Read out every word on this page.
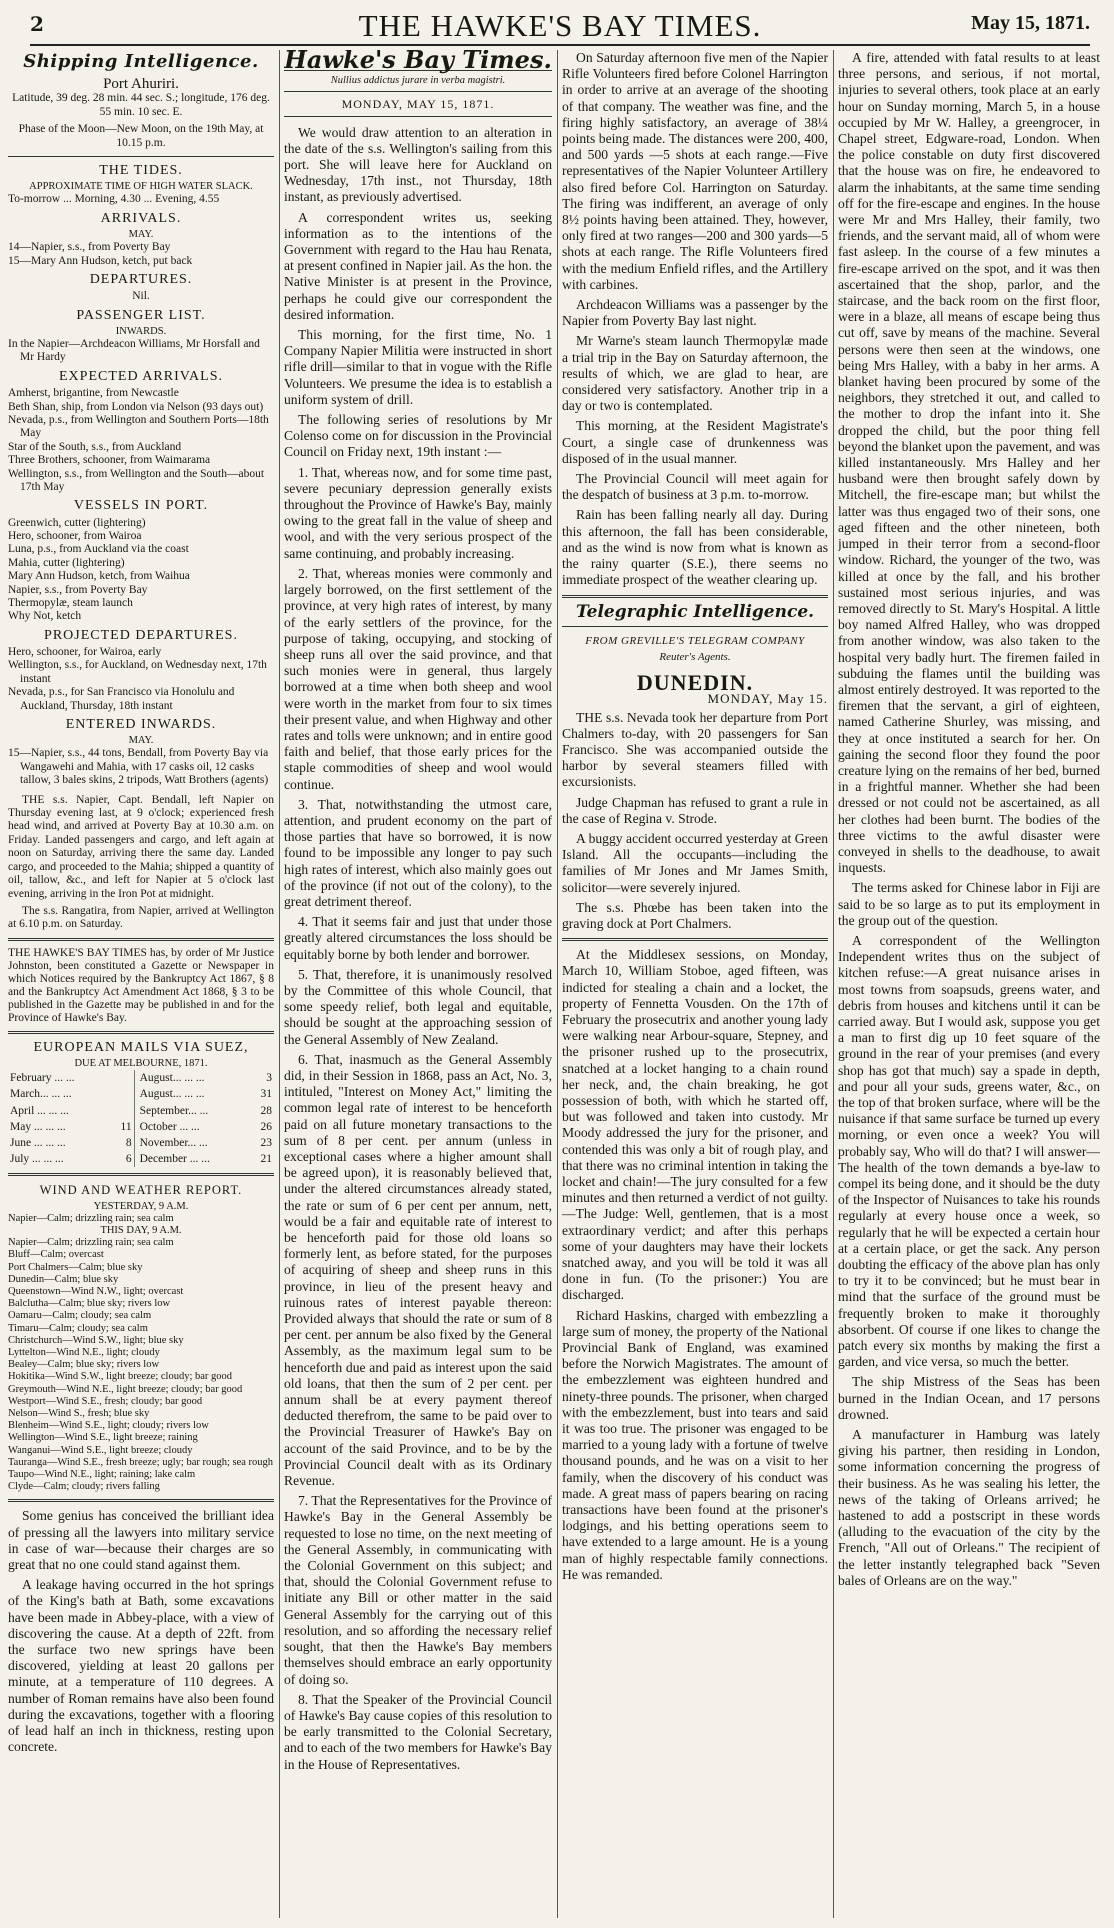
2	THE HAWKE'S BAY TIMES.	May 15, 1871.
Shipping Intelligence.
Port Ahuriri.

Latitude, 39 deg. 28 min. 44 sec. S.; longitude, 176 deg. 55 min. 10 sec. E.

Phase of the Moon—New Moon, on the 19th May, at 10.15 p.m.

THE TIDES.
APPROXIMATE TIME OF HIGH WATER SLACK.
To-morrow ... Morning, 4.30 ... Evening, 4.55
ARRIVALS.
MAY.
14—Napier, s.s., from Poverty Bay
15—Mary Ann Hudson, ketch, put back
DEPARTURES.
Nil.
PASSENGER LIST.
INWARDS.
In the Napier—Archdeacon Williams, Mr Horsfall and Mr Hardy
EXPECTED ARRIVALS.
Amherst, brigantine, from Newcastle
Beth Shan, ship, from London via Nelson (93 days out)
Nevada, p.s., from Wellington and Southern Ports—18th May
Star of the South, s.s., from Auckland
Three Brothers, schooner, from Waimarama
Wellington, s.s., from Wellington and the South—about 17th May
VESSELS IN PORT.
Greenwich, cutter (lightering)
Hero, schooner, from Wairoa
Luna, p.s., from Auckland via the coast
Mahia, cutter (lightering)
Mary Ann Hudson, ketch, from Waihua
Napier, s.s., from Poverty Bay
Thermopylæ, steam launch
Why Not, ketch
PROJECTED DEPARTURES.
Hero, schooner, for Wairoa, early
Wellington, s.s., for Auckland, on Wednesday next, 17th instant
Nevada, p.s., for San Francisco via Honolulu and Auckland, Thursday, 18th instant
ENTERED INWARDS.
MAY.
15—Napier, s.s., 44 tons, Bendall, from Poverty Bay via Wangawehi and Mahia, with 17 casks oil, 12 casks tallow, 3 bales skins, 2 tripods, Watt Brothers (agents)

THE s.s. Napier, Capt. Bendall, left Napier on Thursday evening last, at 9 o'clock; experienced fresh head wind, and arrived at Poverty Bay at 10.30 a.m. on Friday. Landed passengers and cargo, and left again at noon on Saturday, arriving there the same day. Landed cargo, and proceeded to the Mahia; shipped a quantity of oil, tallow, &c., and left for Napier at 5 o'clock last evening, arriving in the Iron Pot at midnight.

The s.s. Rangatira, from Napier, arrived at Wellington at 6.10 p.m. on Saturday.

THE HAWKE'S BAY TIMES has, by order of Mr Justice Johnston, been constituted a Gazette or Newspaper in which Notices required by the Bankruptcy Act 1867, § 8 and the Bankruptcy Act Amendment Act 1868, § 3 to be published in the Gazette may be published in and for the Province of Hawke's Bay.
EUROPEAN MAILS VIA SUEZ,
DUE AT MELBOURNE, 1871.
February ... ...		August... ... ...	3
March... ... ...		August... ... ...	31
April ... ... ...		September... ...	28
May ... ... ...	11	October ... ...	26
June ... ... ...	8	November... ...	23
July ... ... ...	6	December ... ...	21
WIND AND WEATHER REPORT.
YESTERDAY, 9 A.M.
Napier—Calm; drizzling rain; sea calm
THIS DAY, 9 A.M.
Napier—Calm; drizzling rain; sea calm
Bluff—Calm; overcast
Port Chalmers—Calm; blue sky
Dunedin—Calm; blue sky
Queenstown—Wind N.W., light; overcast
Balclutha—Calm; blue sky; rivers low
Oamaru—Calm; cloudy; sea calm
Timaru—Calm; cloudy; sea calm
Christchurch—Wind S.W., light; blue sky
Lyttelton—Wind N.E., light; cloudy
Bealey—Calm; blue sky; rivers low
Hokitika—Wind S.W., light breeze; cloudy; bar good
Greymouth—Wind N.E., light breeze; cloudy; bar good
Westport—Wind S.E., fresh; cloudy; bar good
Nelson—Wind S., fresh; blue sky
Blenheim—Wind S.E., light; cloudy; rivers low
Wellington—Wind S.E., light breeze; raining
Wanganui—Wind S.E., light breeze; cloudy
Tauranga—Wind S.E., fresh breeze; ugly; bar rough; sea rough
Taupo—Wind N.E., light; raining; lake calm
Clyde—Calm; cloudy; rivers falling

Some genius has conceived the brilliant idea of pressing all the lawyers into military service in case of war—because their charges are so great that no one could stand against them.

A leakage having occurred in the hot springs of the King's bath at Bath, some excavations have been made in Abbey-place, with a view of discovering the cause. At a depth of 22ft. from the surface two new springs have been discovered, yielding at least 20 gallons per minute, at a temperature of 110 degrees. A number of Roman remains have also been found during the excavations, together with a flooring of lead half an inch in thickness, resting upon concrete.

Hawke's Bay Times.
Nullius addictus jurare in verba magistri.
MONDAY, MAY 15, 1871.

We would draw attention to an alteration in the date of the s.s. Wellington's sailing from this port. She will leave here for Auckland on Wednesday, 17th inst., not Thursday, 18th instant, as previously advertised.

A correspondent writes us, seeking information as to the intentions of the Government with regard to the Hau hau Renata, at present confined in Napier jail. As the hon. the Native Minister is at present in the Province, perhaps he could give our correspondent the desired information.

This morning, for the first time, No. 1 Company Napier Militia were instructed in short rifle drill—similar to that in vogue with the Rifle Volunteers. We presume the idea is to establish a uniform system of drill.

The following series of resolutions by Mr Colenso come on for discussion in the Provincial Council on Friday next, 19th instant :—

1. That, whereas now, and for some time past, severe pecuniary depression generally exists throughout the Province of Hawke's Bay, mainly owing to the great fall in the value of sheep and wool, and with the very serious prospect of the same continuing, and probably increasing.

2. That, whereas monies were commonly and largely borrowed, on the first settlement of the province, at very high rates of interest, by many of the early settlers of the province, for the purpose of taking, occupying, and stocking of sheep runs all over the said province, and that such monies were in general, thus largely borrowed at a time when both sheep and wool were worth in the market from four to six times their present value, and when Highway and other rates and tolls were unknown; and in entire good faith and belief, that those early prices for the staple commodities of sheep and wool would continue.

3. That, notwithstanding the utmost care, attention, and prudent economy on the part of those parties that have so borrowed, it is now found to be impossible any longer to pay such high rates of interest, which also mainly goes out of the province (if not out of the colony), to the great detriment thereof.

4. That it seems fair and just that under those greatly altered circumstances the loss should be equitably borne by both lender and borrower.

5. That, therefore, it is unanimously resolved by the Committee of this whole Council, that some speedy relief, both legal and equitable, should be sought at the approaching session of the General Assembly of New Zealand.

6. That, inasmuch as the General Assembly did, in their Session in 1868, pass an Act, No. 3, intituled, "Interest on Money Act," limiting the common legal rate of interest to be henceforth paid on all future monetary transactions to the sum of 8 per cent. per annum (unless in exceptional cases where a higher amount shall be agreed upon), it is reasonably believed that, under the altered circumstances already stated, the rate or sum of 6 per cent per annum, nett, would be a fair and equitable rate of interest to be henceforth paid for those old loans so formerly lent, as before stated, for the purposes of acquiring of sheep and sheep runs in this province, in lieu of the present heavy and ruinous rates of interest payable thereon: Provided always that should the rate or sum of 8 per cent. per annum be also fixed by the General Assembly, as the maximum legal sum to be henceforth due and paid as interest upon the said old loans, that then the sum of 2 per cent. per annum shall be at every payment thereof deducted therefrom, the same to be paid over to the Provincial Treasurer of Hawke's Bay on account of the said Province, and to be by the Provincial Council dealt with as its Ordinary Revenue.

7. That the Representatives for the Province of Hawke's Bay in the General Assembly be requested to lose no time, on the next meeting of the General Assembly, in communicating with the Colonial Government on this subject; and that, should the Colonial Government refuse to initiate any Bill or other matter in the said General Assembly for the carrying out of this resolution, and so affording the necessary relief sought, that then the Hawke's Bay members themselves should embrace an early opportunity of doing so.

8. That the Speaker of the Provincial Council of Hawke's Bay cause copies of this resolution to be early transmitted to the Colonial Secretary, and to each of the two members for Hawke's Bay in the House of Representatives.

On Saturday afternoon five men of the Napier Rifle Volunteers fired before Colonel Harrington in order to arrive at an average of the shooting of that company. The weather was fine, and the firing highly satisfactory, an average of 38¼ points being made. The distances were 200, 400, and 500 yards —5 shots at each range.—Five representatives of the Napier Volunteer Artillery also fired before Col. Harrington on Saturday. The firing was indifferent, an average of only 8½ points having been attained. They, however, only fired at two ranges—200 and 300 yards—5 shots at each range. The Rifle Volunteers fired with the medium Enfield rifles, and the Artillery with carbines.

Archdeacon Williams was a passenger by the Napier from Poverty Bay last night.

Mr Warne's steam launch Thermopylæ made a trial trip in the Bay on Saturday afternoon, the results of which, we are glad to hear, are considered very satisfactory. Another trip in a day or two is contemplated.

This morning, at the Resident Magistrate's Court, a single case of drunkenness was disposed of in the usual manner.

The Provincial Council will meet again for the despatch of business at 3 p.m. to-morrow.

Rain has been falling nearly all day. During this afternoon, the fall has been considerable, and as the wind is now from what is known as the rainy quarter (S.E.), there seems no immediate prospect of the weather clearing up.

Telegraphic Intelligence.
FROM GREVILLE'S TELEGRAM COMPANY
Reuter's Agents.
DUNEDIN.
MONDAY, May 15.

THE s.s. Nevada took her departure from Port Chalmers to-day, with 20 passengers for San Francisco. She was accompanied outside the harbor by several steamers filled with excursionists.

Judge Chapman has refused to grant a rule in the case of Regina v. Strode.

A buggy accident occurred yesterday at Green Island. All the occupants—including the families of Mr Jones and Mr James Smith, solicitor—were severely injured.

The s.s. Phœbe has been taken into the graving dock at Port Chalmers.

At the Middlesex sessions, on Monday, March 10, William Stoboe, aged fifteen, was indicted for stealing a chain and a locket, the property of Fennetta Vousden. On the 17th of February the prosecutrix and another young lady were walking near Arbour-square, Stepney, and the prisoner rushed up to the prosecutrix, snatched at a locket hanging to a chain round her neck, and, the chain breaking, he got possession of both, with which he started off, but was followed and taken into custody. Mr Moody addressed the jury for the prisoner, and contended this was only a bit of rough play, and that there was no criminal intention in taking the locket and chain!—The jury consulted for a few minutes and then returned a verdict of not guilty.—The Judge: Well, gentlemen, that is a most extraordinary verdict; and after this perhaps some of your daughters may have their lockets snatched away, and you will be told it was all done in fun. (To the prisoner:) You are discharged.

Richard Haskins, charged with embezzling a large sum of money, the property of the National Provincial Bank of England, was examined before the Norwich Magistrates. The amount of the embezzlement was eighteen hundred and ninety-three pounds. The prisoner, when charged with the embezzlement, bust into tears and said it was too true. The prisoner was engaged to be married to a young lady with a fortune of twelve thousand pounds, and he was on a visit to her family, when the discovery of his conduct was made. A great mass of papers bearing on racing transactions have been found at the prisoner's lodgings, and his betting operations seem to have extended to a large amount. He is a young man of highly respectable family connections. He was remanded.

A fire, attended with fatal results to at least three persons, and serious, if not mortal, injuries to several others, took place at an early hour on Sunday morning, March 5, in a house occupied by Mr W. Halley, a greengrocer, in Chapel street, Edgware-road, London. When the police constable on duty first discovered that the house was on fire, he endeavored to alarm the inhabitants, at the same time sending off for the fire-escape and engines. In the house were Mr and Mrs Halley, their family, two friends, and the servant maid, all of whom were fast asleep. In the course of a few minutes a fire-escape arrived on the spot, and it was then ascertained that the shop, parlor, and the staircase, and the back room on the first floor, were in a blaze, all means of escape being thus cut off, save by means of the machine. Several persons were then seen at the windows, one being Mrs Halley, with a baby in her arms. A blanket having been procured by some of the neighbors, they stretched it out, and called to the mother to drop the infant into it. She dropped the child, but the poor thing fell beyond the blanket upon the pavement, and was killed instantaneously. Mrs Halley and her husband were then brought safely down by Mitchell, the fire-escape man; but whilst the latter was thus engaged two of their sons, one aged fifteen and the other nineteen, both jumped in their terror from a second-floor window. Richard, the younger of the two, was killed at once by the fall, and his brother sustained most serious injuries, and was removed directly to St. Mary's Hospital. A little boy named Alfred Halley, who was dropped from another window, was also taken to the hospital very badly hurt. The firemen failed in subduing the flames until the building was almost entirely destroyed. It was reported to the firemen that the servant, a girl of eighteen, named Catherine Shurley, was missing, and they at once instituted a search for her. On gaining the second floor they found the poor creature lying on the remains of her bed, burned in a frightful manner. Whether she had been dressed or not could not be ascertained, as all her clothes had been burnt. The bodies of the three victims to the awful disaster were conveyed in shells to the deadhouse, to await inquests.

The terms asked for Chinese labor in Fiji are said to be so large as to put its employment in the group out of the question.

A correspondent of the Wellington Independent writes thus on the subject of kitchen refuse:—A great nuisance arises in most towns from soapsuds, greens water, and debris from houses and kitchens until it can be carried away. But I would ask, suppose you get a man to first dig up 10 feet square of the ground in the rear of your premises (and every shop has got that much) say a spade in depth, and pour all your suds, greens water, &c., on the top of that broken surface, where will be the nuisance if that same surface be turned up every morning, or even once a week? You will probably say, Who will do that? I will answer—The health of the town demands a bye-law to compel its being done, and it should be the duty of the Inspector of Nuisances to take his rounds regularly at every house once a week, so regularly that he will be expected a certain hour at a certain place, or get the sack. Any person doubting the efficacy of the above plan has only to try it to be convinced; but he must bear in mind that the surface of the ground must be frequently broken to make it thoroughly absorbent. Of course if one likes to change the patch every six months by making the first a garden, and vice versa, so much the better.

The ship Mistress of the Seas has been burned in the Indian Ocean, and 17 persons drowned.

A manufacturer in Hamburg was lately giving his partner, then residing in London, some information concerning the progress of their business. As he was sealing his letter, the news of the taking of Orleans arrived; he hastened to add a postscript in these words (alluding to the evacuation of the city by the French, "All out of Orleans." The recipient of the letter instantly telegraphed back "Seven bales of Orleans are on the way."
